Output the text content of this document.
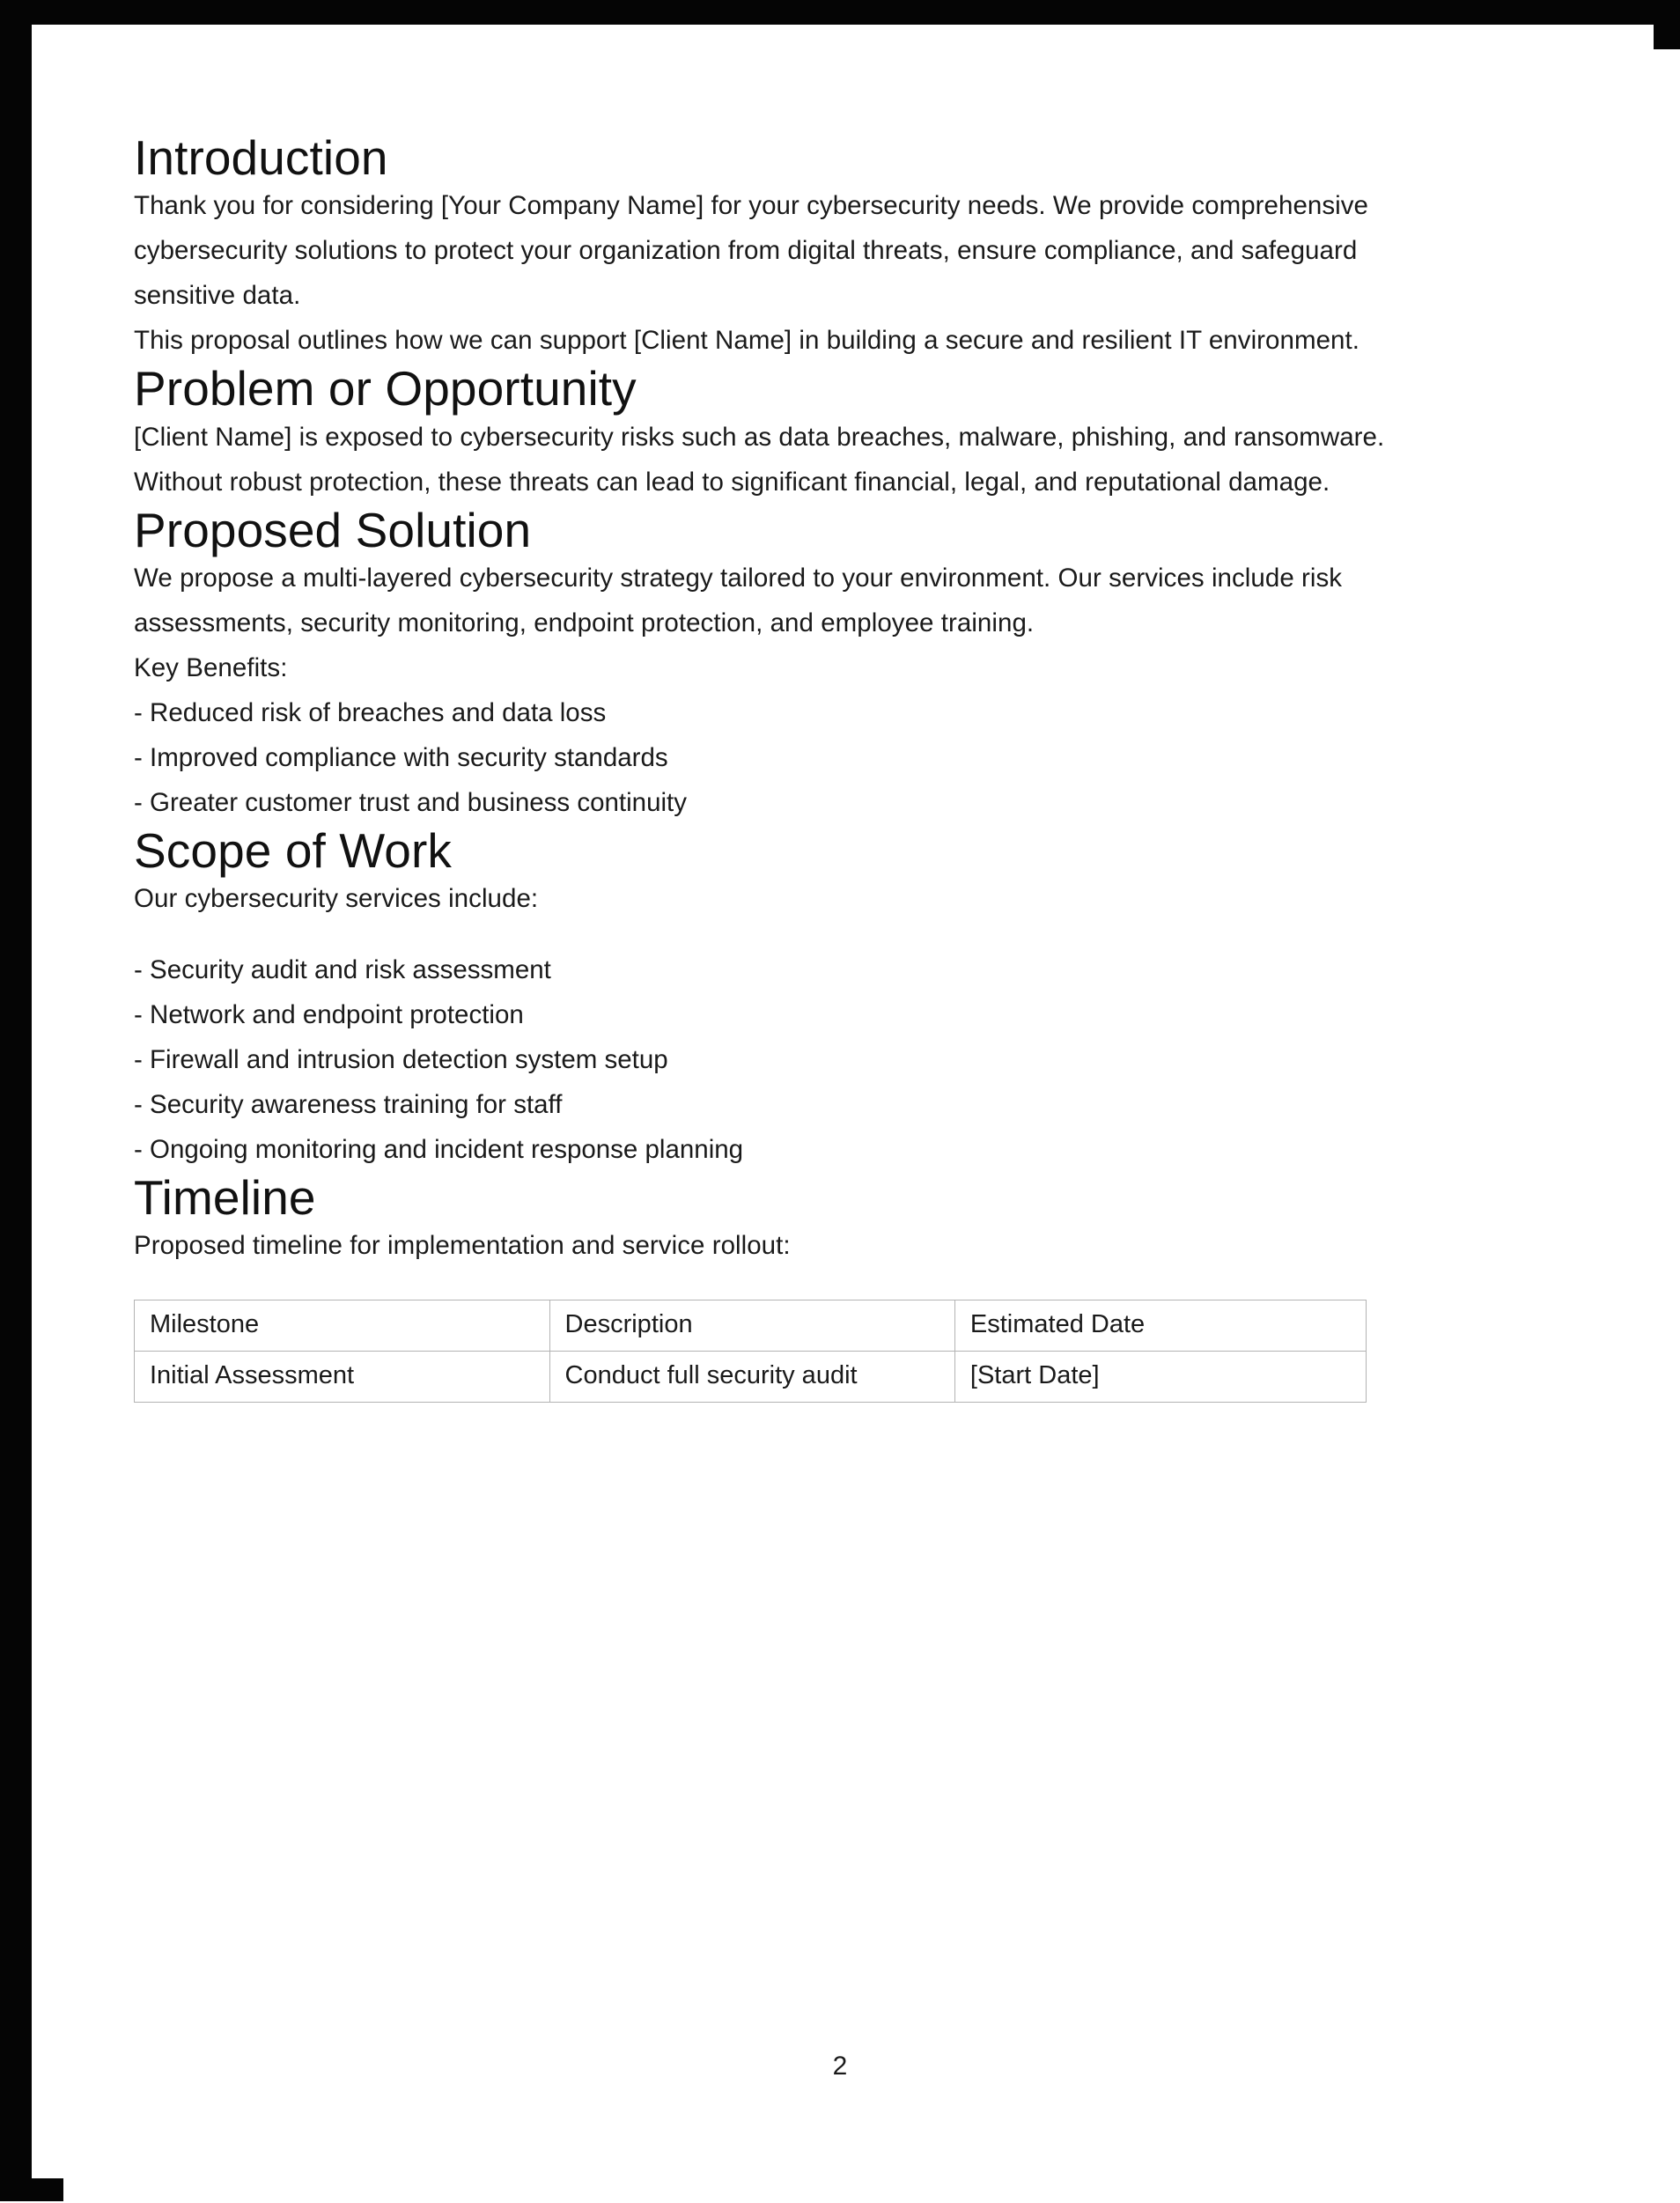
Introduction

Thank you for considering [Your Company Name] for your cybersecurity needs. We provide comprehensive cybersecurity solutions to protect your organization from digital threats, ensure compliance, and safeguard sensitive data.

This proposal outlines how we can support [Client Name] in building a secure and resilient IT environment.

Problem or Opportunity

[Client Name] is exposed to cybersecurity risks such as data breaches, malware, phishing, and ransomware. Without robust protection, these threats can lead to significant financial, legal, and reputational damage.

Proposed Solution

We propose a multi-layered cybersecurity strategy tailored to your environment. Our services include risk assessments, security monitoring, endpoint protection, and employee training.

Key Benefits:

- Reduced risk of breaches and data loss
- Improved compliance with security standards
- Greater customer trust and business continuity
Scope of Work

Our cybersecurity services include:

- Security audit and risk assessment
- Network and endpoint protection
- Firewall and intrusion detection system setup
- Security awareness training for staff
- Ongoing monitoring and incident response planning
Timeline

Proposed timeline for implementation and service rollout:

Milestone	Description	Estimated Date
Initial Assessment	Conduct full security audit	[Start Date]
2
